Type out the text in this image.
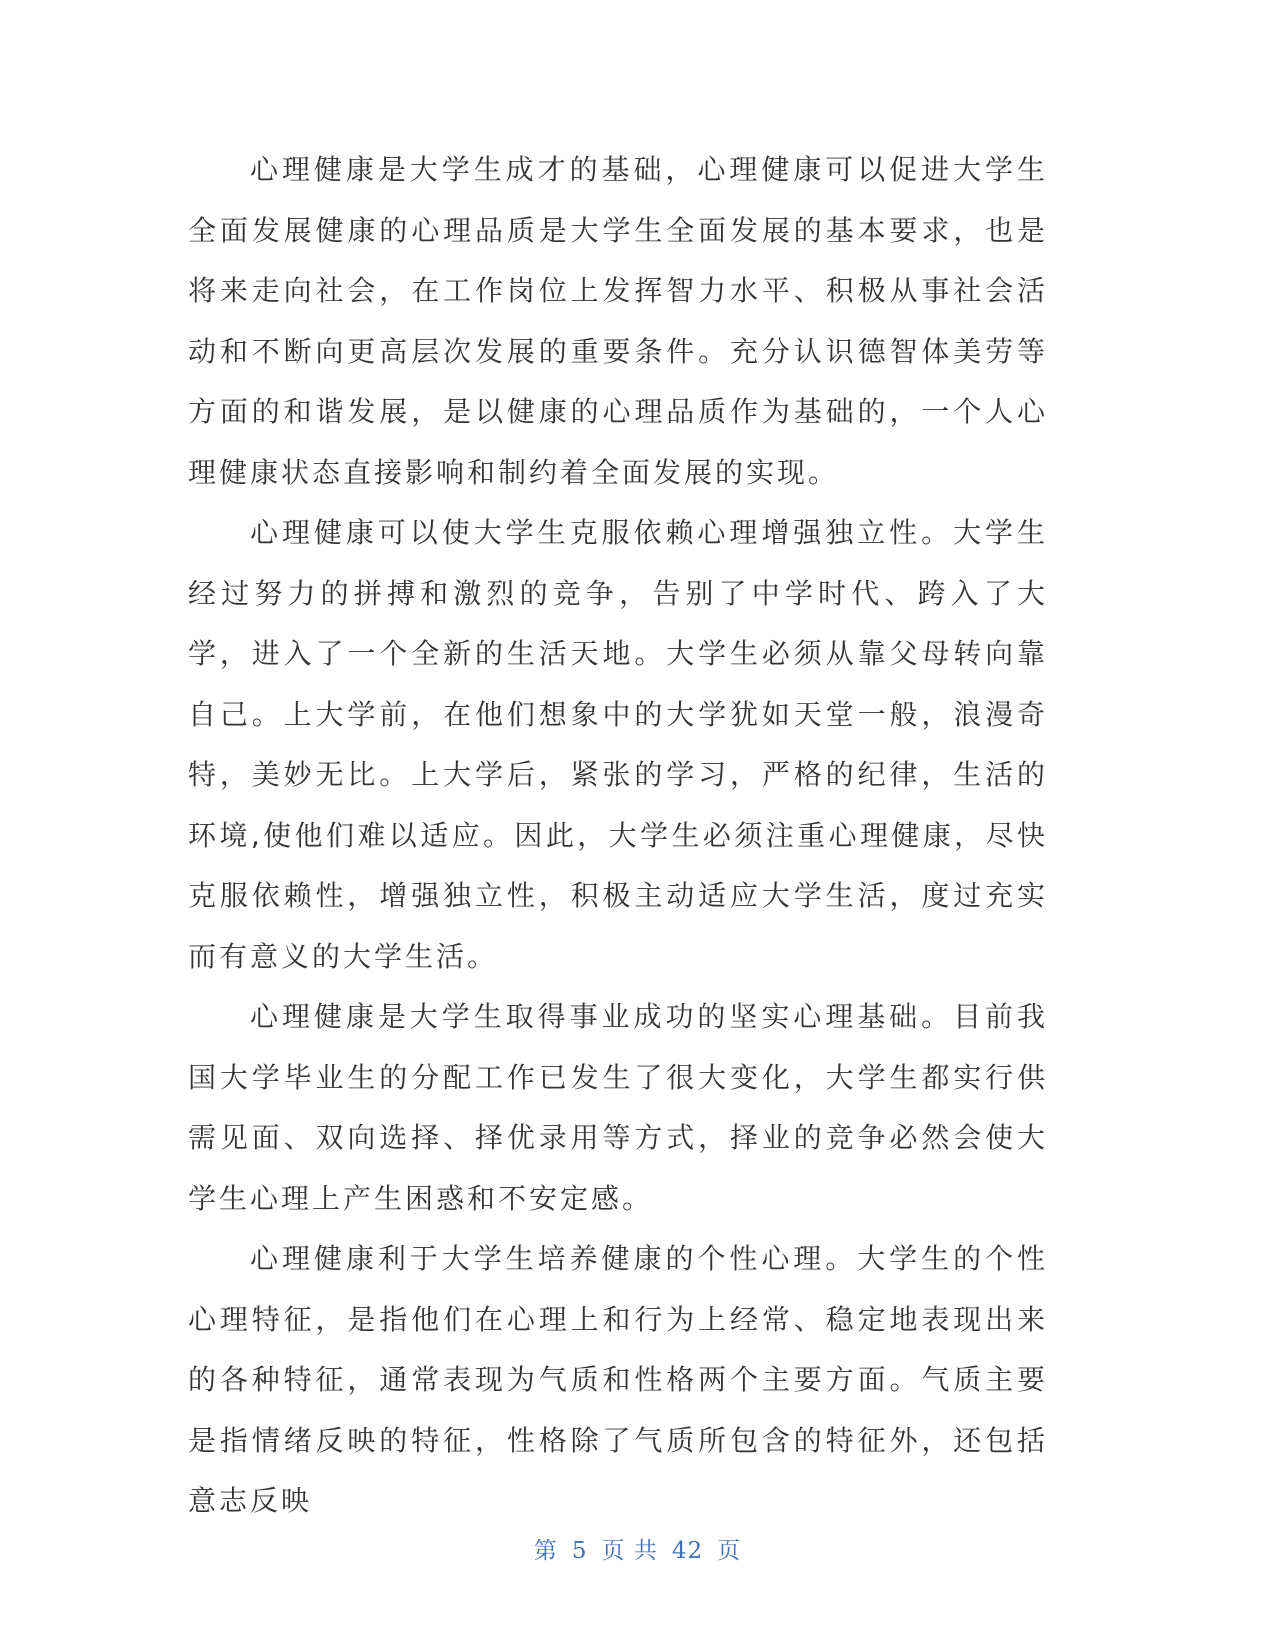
心理健康是大学生成才的基础，心理健康可以促进大学生全面发展健康的心理品质是大学生全面发展的基本要求，也是将来走向社会，在工作岗位上发挥智力水平、积极从事社会活动和不断向更高层次发展的重要条件。充分认识德智体美劳等方面的和谐发展，是以健康的心理品质作为基础的，一个人心理健康状态直接影响和制约着全面发展的实现。

心理健康可以使大学生克服依赖心理增强独立性。大学生经过努力的拼搏和激烈的竞争，告别了中学时代、跨入了大学，进入了一个全新的生活天地。大学生必须从靠父母转向靠自己。上大学前，在他们想象中的大学犹如天堂一般，浪漫奇特，美妙无比。上大学后，紧张的学习，严格的纪律，生活的环境,使他们难以适应。因此，大学生必须注重心理健康，尽快克服依赖性，增强独立性，积极主动适应大学生活，度过充实而有意义的大学生活。

心理健康是大学生取得事业成功的坚实心理基础。目前我国大学毕业生的分配工作已发生了很大变化，大学生都实行供需见面、双向选择、择优录用等方式，择业的竞争必然会使大学生心理上产生困惑和不安定感。

心理健康利于大学生培养健康的个性心理。大学生的个性心理特征，是指他们在心理上和行为上经常、稳定地表现出来的各种特征，通常表现为气质和性格两个主要方面。气质主要是指情绪反映的特征，性格除了气质所包含的特征外，还包括意志反映

第 5 页 共 42 页
